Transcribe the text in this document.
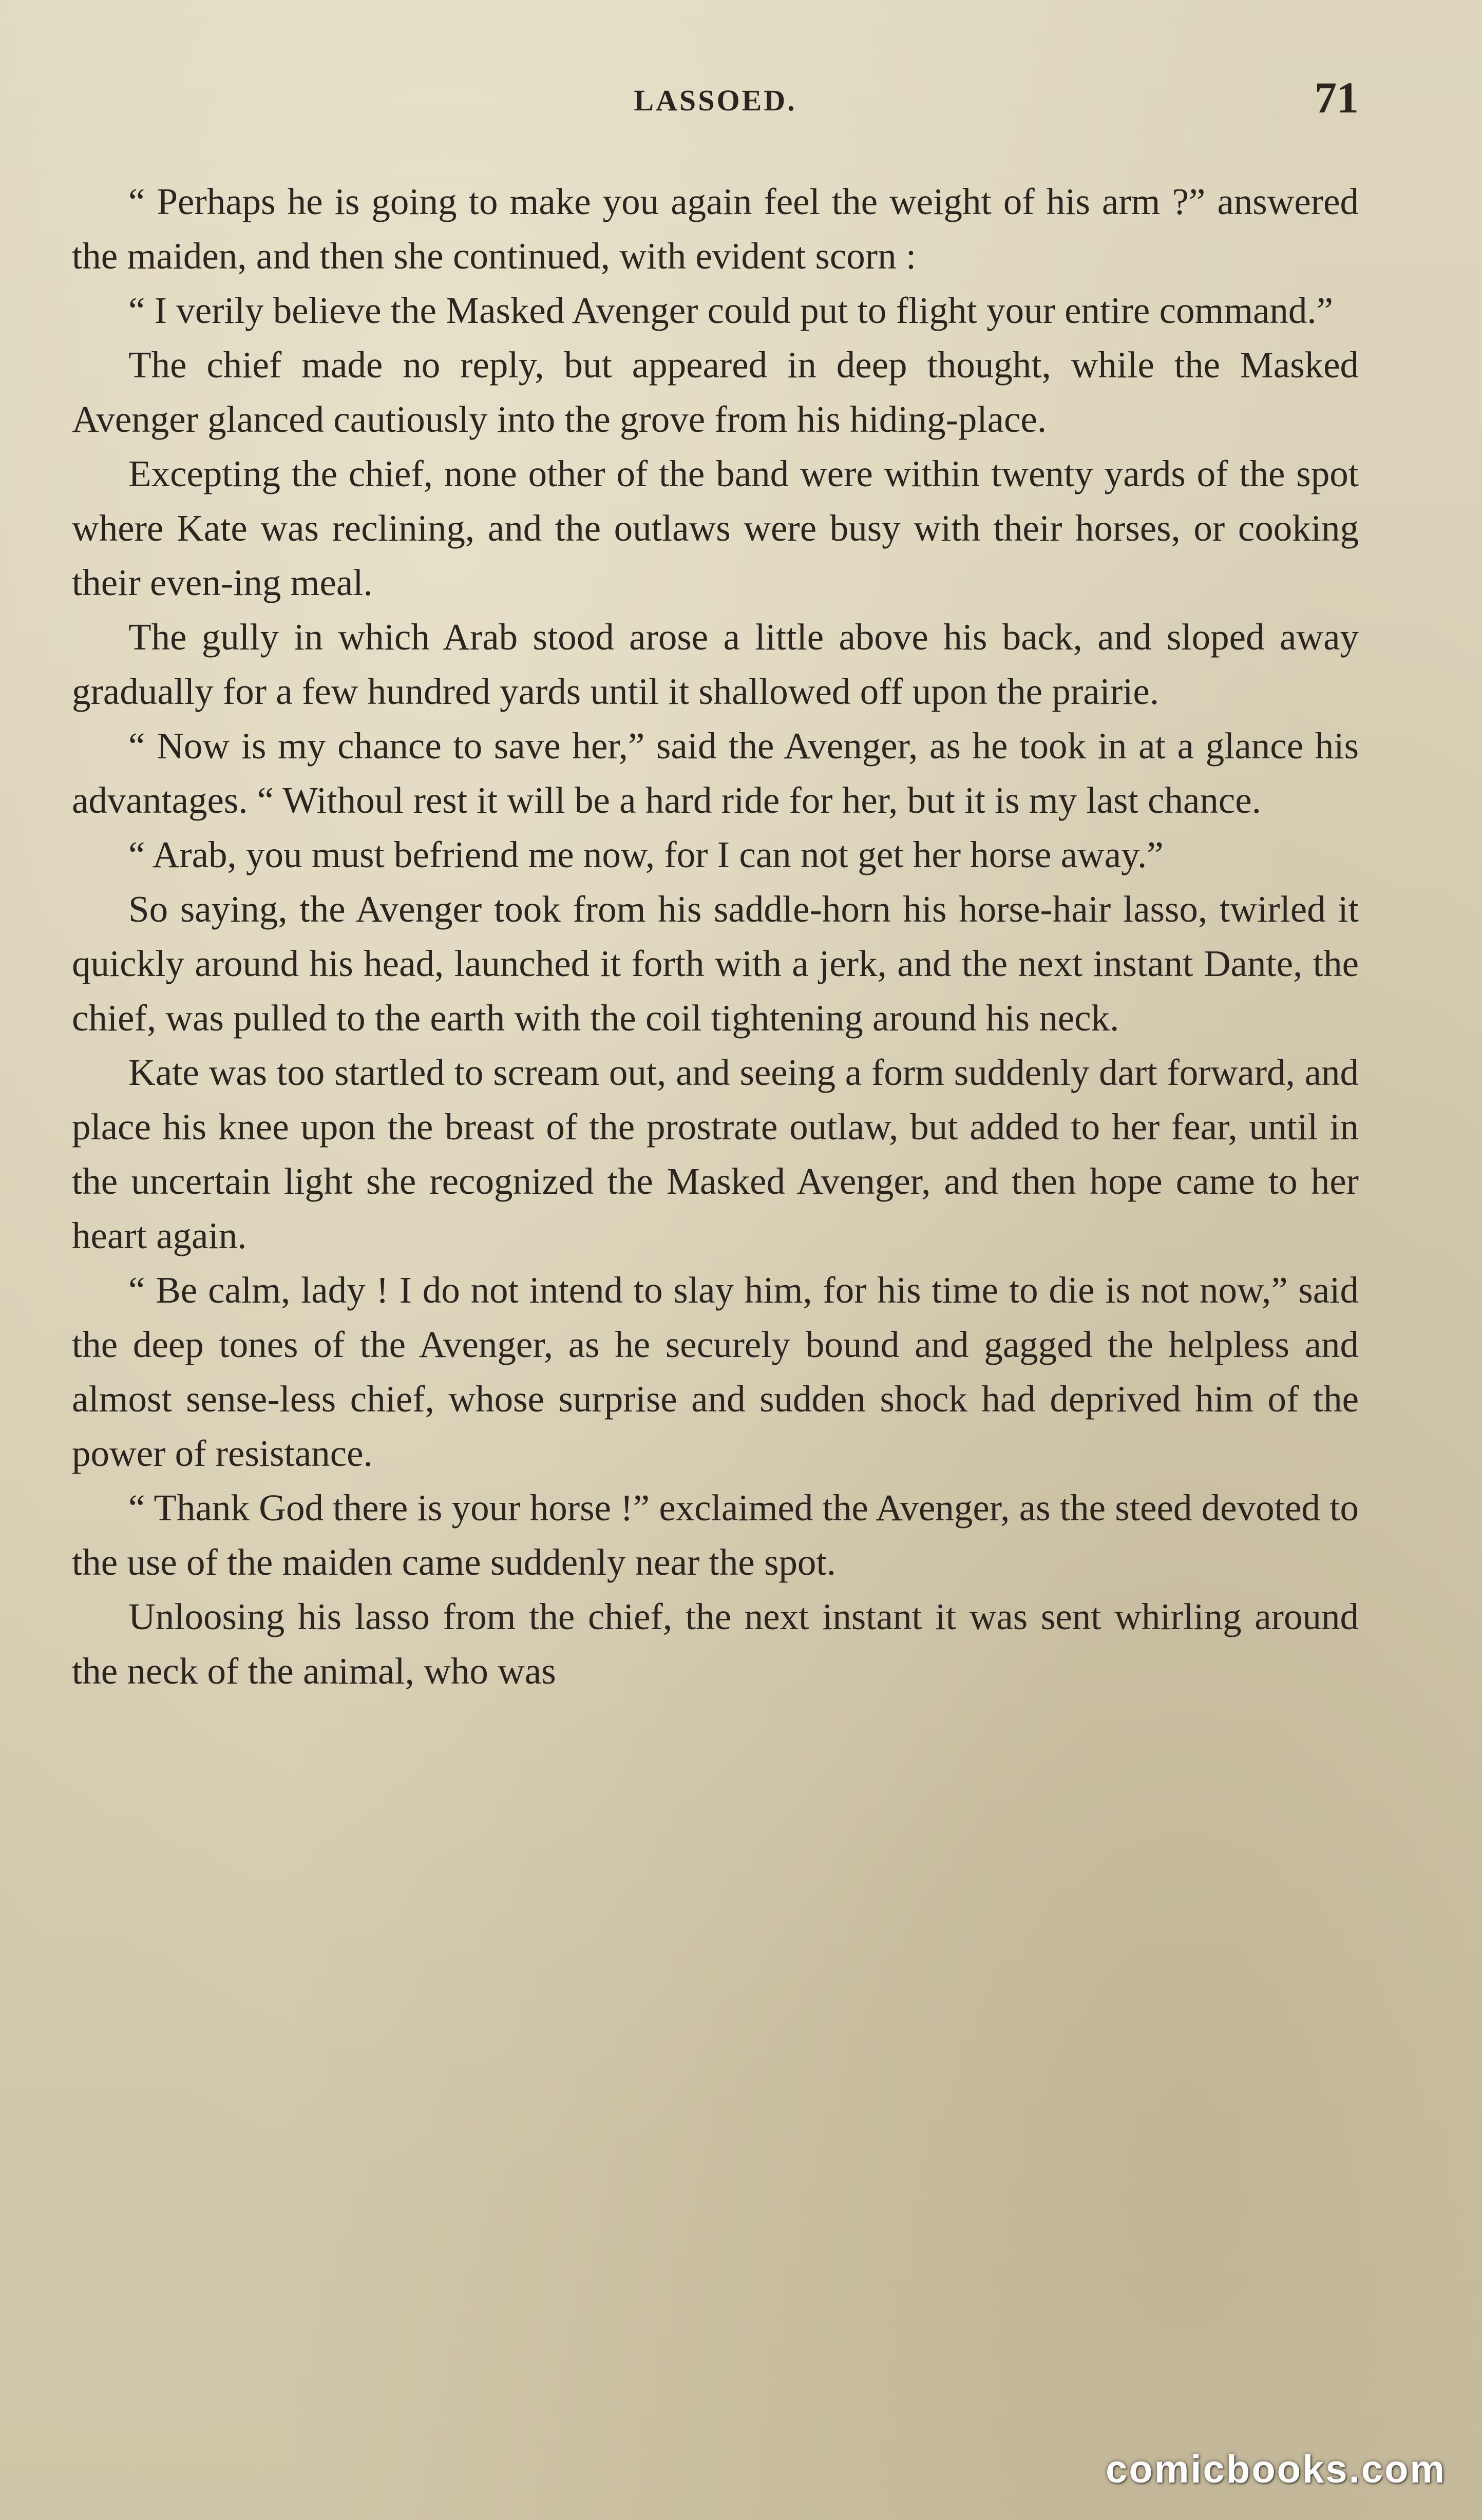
LASSOED.	71

“ Perhaps he is going to make you again feel the weight of his arm ?” answered the maiden, and then she continued, with evident scorn :

“ I verily believe the Masked Avenger could put to flight your entire command.”

The chief made no reply, but appeared in deep thought, while the Masked Avenger glanced cautiously into the grove from his hiding-place.

Excepting the chief, none other of the band were within twenty yards of the spot where Kate was reclining, and the outlaws were busy with their horses, or cooking their even-ing meal.

The gully in which Arab stood arose a little above his back, and sloped away gradually for a few hundred yards until it shallowed off upon the prairie.

“ Now is my chance to save her,” said the Avenger, as he took in at a glance his advantages. “ Withoul rest it will be a hard ride for her, but it is my last chance.

“ Arab, you must befriend me now, for I can not get her horse away.”

So saying, the Avenger took from his saddle-horn his horse-hair lasso, twirled it quickly around his head, launched it forth with a jerk, and the next instant Dante, the chief, was pulled to the earth with the coil tightening around his neck.

Kate was too startled to scream out, and seeing a form suddenly dart forward, and place his knee upon the breast of the prostrate outlaw, but added to her fear, until in the uncertain light she recognized the Masked Avenger, and then hope came to her heart again.

“ Be calm, lady ! I do not intend to slay him, for his time to die is not now,” said the deep tones of the Avenger, as he securely bound and gagged the helpless and almost sense-less chief, whose surprise and sudden shock had deprived him of the power of resistance.

“ Thank God there is your horse !” exclaimed the Avenger, as the steed devoted to the use of the maiden came suddenly near the spot.

Unloosing his lasso from the chief, the next instant it was sent whirling around the neck of the animal, who was

comicbooks.com
